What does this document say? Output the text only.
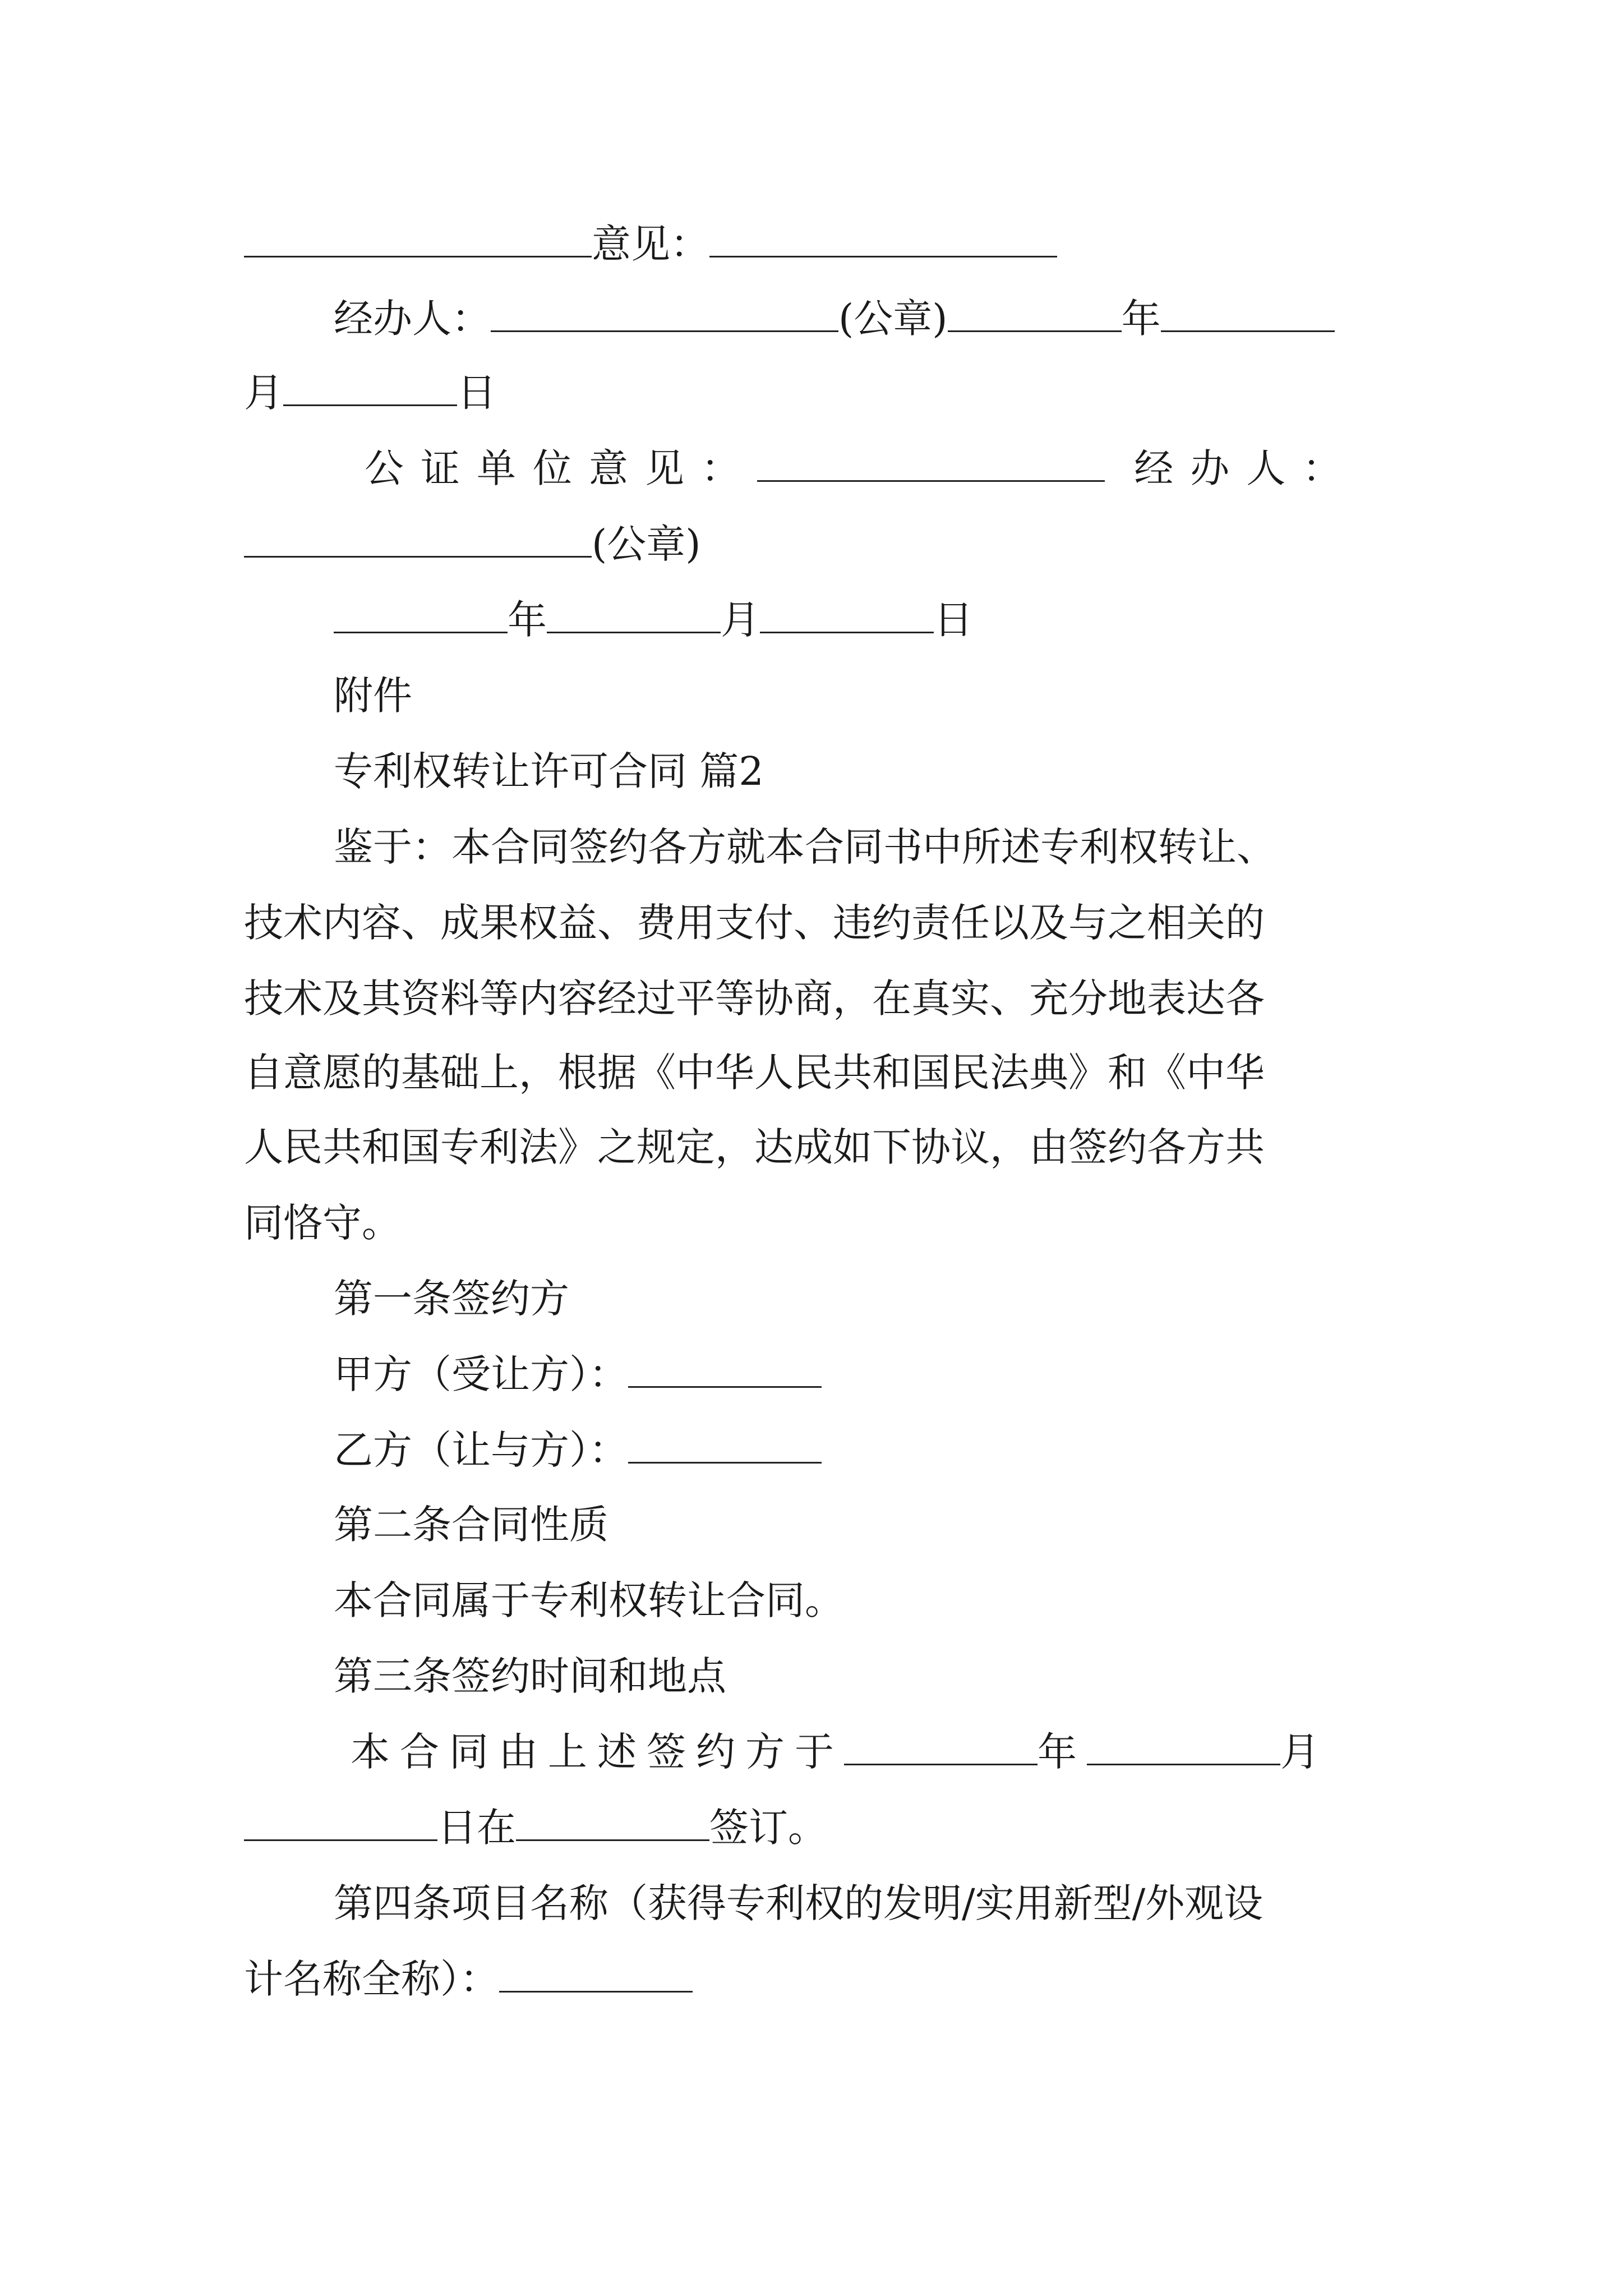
意见：
经办人：	(公章)	年
月	日
公证单位意见：	经办人：
(公章)
年	月	日
附件
专利权转让许可合同 篇2
鉴于：本合同签约各方就本合同书中所述专利权转让、
技术内容、成果权益、费用支付、违约责任以及与之相关的
技术及其资料等内容经过平等协商，在真实、充分地表达各
自意愿的基础上，根据《中华人民共和国民法典》和《中华
人民共和国专利法》之规定，达成如下协议，由签约各方共
同恪守。
第一条签约方
甲方（受让方）：
乙方（让与方）：
第二条合同性质
本合同属于专利权转让合同。
第三条签约时间和地点
本合同由上述签约方于	年	月
日在	签订。
第四条项目名称（获得专利权的发明/实用新型/外观设
计名称全称）：
